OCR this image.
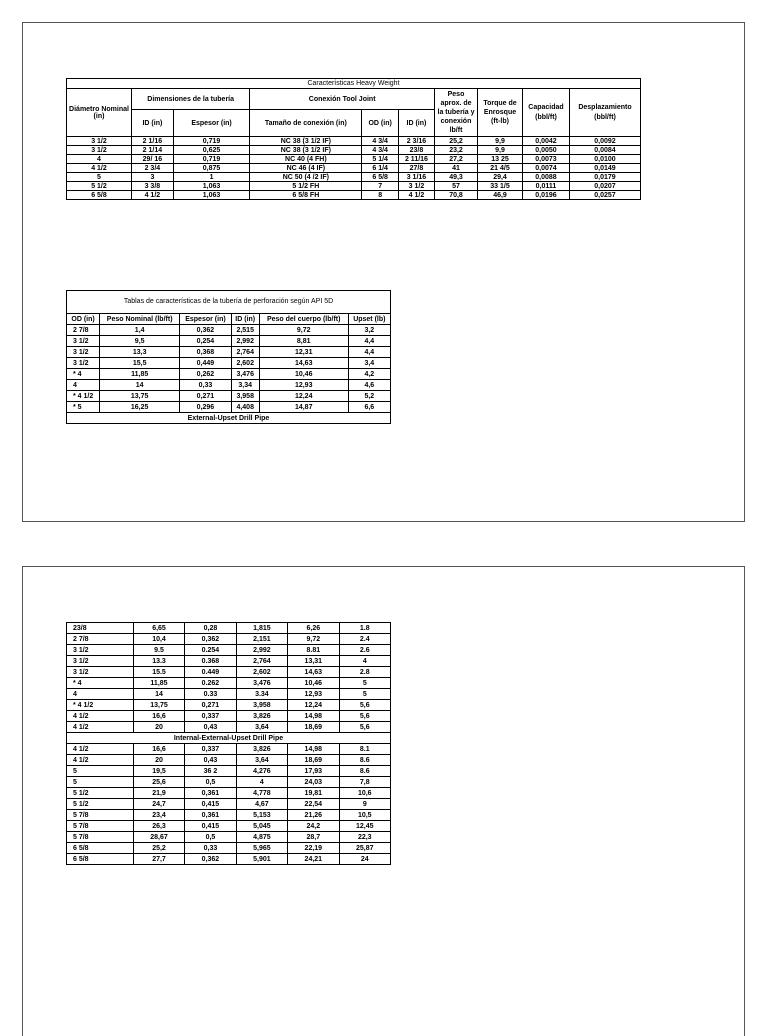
Características Heavy Weight									
Diámetro Nominal (in)	Dimensiones de la tubería		Conexión Tool Joint			Peso aprox. de la tubería y conexión lb/ft	Torque de Enrosque (ft-lb)	Capacidad (bbl/ft)	Desplazamiento (bbl/ft)
	ID (in)	Espesor (in)	Tamaño de conexión (in)	OD (in)	ID (in)				
3 1/2	2 1/16	0,719	NC 38 (3 1/2 IF)	4 3/4	2 3/16	25,2	9,9	0,0042	0,0092
3 1/2	2 1/14	0,625	NC 38 (3 1/2 IF)	4 3/4	23/8	23,2	9,9	0,0050	0,0084
4	29/ 16	0,719	NC 40 (4 FH)	5 1/4	2 11/16	27,2	13 25	0,0073	0,0100
4 1/2	2 3/4	0,875	NC 46 (4 IF)	6 1/4	27/8	41	21 4/5	0,0074	0,0149
5	3	1	NC 50 (4 /2 IF)	6 5/8	3 1/16	49,3	29,4	0,0088	0,0179
5 1/2	3 3/8	1,063	5 1/2 FH	7	3 1/2	57	33 1/5	0,0111	0,0207
6 5/8	4 1/2	1,063	6 5/8 FH	8	4 1/2	70,8	46,9	0,0196	0,0257
Tablas de características de la tubería de perforación según API 5D					
OD (in)	Peso Nominal (lb/ft)	Espesor (in)	ID (in)	Peso del cuerpo (lb/ft)	Upset (lb)
2 7/8	1,4	0,362	2,515	9,72	3,2
3 1/2	9,5	0,254	2,992	8,81	4,4
3 1/2	13,3	0,368	2,764	12,31	4,4
3 1/2	15,5	0,449	2,602	14,63	3,4
* 4	11,85	0,262	3,476	10,46	4,2
4	14	0,33	3,34	12,93	4,6
* 4 1/2	13,75	0,271	3,958	12,24	5,2
* 5	16,25	0,296	4,408	14,87	6,6
External-Upset Drill Pipe					
23/8	6,65	0,28	1,815	6,26	1.8
2 7/8	10,4	0,362	2,151	9,72	2.4
3 1/2	9.5	0.254	2,992	8.81	2.6
3 1/2	13.3	0.368	2,764	13,31	4
3 1/2	15.5	0.449	2,602	14,63	2.8
* 4	11,85	0.262	3,476	10,46	5
4	14	0.33	3.34	12,93	5
* 4 1/2	13,75	0,271	3,958	12,24	5,6
4 1/2	16,6	0,337	3,826	14,98	5,6
4 1/2	20	0,43	3,64	18,69	5,6
Internal-External-Upset Drill Pipe					
4 1/2	16,6	0,337	3,826	14,98	8.1
4 1/2	20	0,43	3,64	18,69	8.6
5	19,5	36 2	4,276	17,93	8.6
5	25,6	0,5	4	24,03	7,8
5 1/2	21,9	0,361	4,778	19,81	10,6
5 1/2	24,7	0,415	4,67	22,54	9
5 7/8	23,4	0,361	5,153	21,26	10,5
5 7/8	26,3	0,415	5,045	24,2	12,45
5 7/8	28,67	0,5	4,875	28,7	22,3
6 5/8	25,2	0,33	5,965	22,19	25,87
6 5/8	27,7	0,362	5,901	24,21	24
